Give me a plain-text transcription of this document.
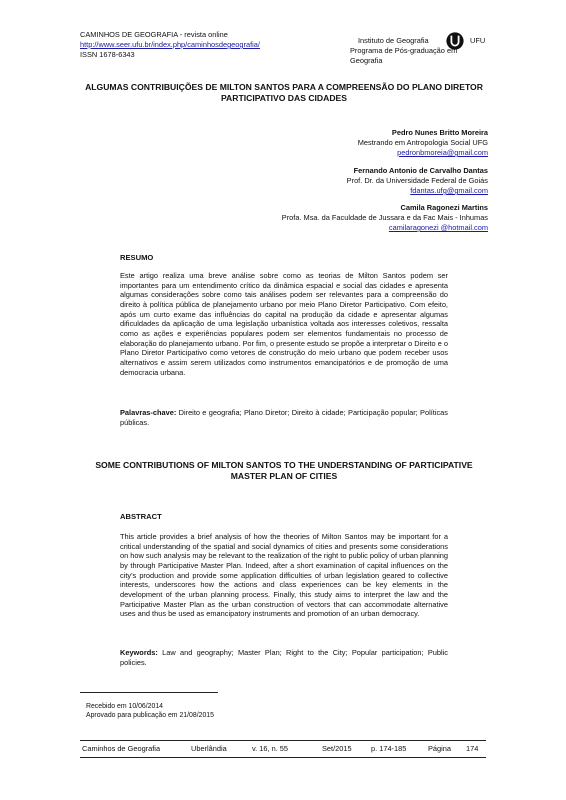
CAMINHOS DE GEOGRAFIA - revista online
http://www.seer.ufu.br/index.php/caminhosdegeografia/
ISSN 1678-6343
Instituto de Geografia	UFU
Programa de Pós-graduação em Geografia
ALGUMAS CONTRIBUIÇÕES DE MILTON SANTOS PARA A COMPREENSÃO DO PLANO DIRETOR PARTICIPATIVO DAS CIDADES
Pedro Nunes Britto Moreira
Mestrando em Antropologia Social UFG
pedronbmoreia@gmail.com
Fernando Antonio de Carvalho Dantas
Prof. Dr. da Universidade Federal de Goiás
fdantas.ufg@gmail.com
Camila Ragonezi Martins
Profa. Msa. da Faculdade de Jussara e da Fac Mais - Inhumas
camilaragonezi @hotmail.com
RESUMO
Este artigo realiza uma breve análise sobre como as teorias de Milton Santos podem ser importantes para um entendimento crítico da dinâmica espacial e social das cidades e apresenta algumas considerações sobre como tais análises podem ser relevantes para a compreensão do direito à política pública de planejamento urbano por meio Plano Diretor Participativo. Com efeito, após um curto exame das influências do capital na produção da cidade e apresentar algumas dificuldades da aplicação de uma legislação urbanística voltada aos interesses coletivos, ressalta como as ações e experiências populares podem ser elementos fundamentais no processo de elaboração do planejamento urbano. Por fim, o presente estudo se propõe a interpretar o Direito e o Plano Diretor Participativo como vetores de construção do meio urbano que podem receber usos alternativos e assim serem utilizados como instrumentos emancipatórios e de promoção de uma democracia urbana.
Palavras-chave: Direito e geografia; Plano Diretor; Direito à cidade; Participação popular; Políticas públicas.
SOME CONTRIBUTIONS OF MILTON SANTOS TO THE UNDERSTANDING OF PARTICIPATIVE MASTER PLAN OF CITIES
ABSTRACT
This article provides a brief analysis of how the theories of Milton Santos may be important for a critical understanding of the spatial and social dynamics of cities and presents some considerations on how such analysis may be relevant to the realization of the right to public policy of urban planning by through Participative Master Plan. Indeed, after a short examination of capital influences on the city's production and provide some application difficulties of urban legislation geared to collective interests, underscores how the actions and class experiences can be key elements in the development of the urban planning process. Finally, this study aims to interpret the law and the Participative Master Plan as the urban construction of vectors that can accommodate alternative uses and thus be used as emancipatory instruments and promotion of an urban democracy.
Keywords: Law and geography; Master Plan; Right to the City; Popular participation; Public policies.
Recebido em 10/06/2014
Aprovado para publicação em 21/08/2015
Caminhos de Geografia	Uberlândia	v. 16, n. 55	Set/2015	p. 174-185	Página 174
